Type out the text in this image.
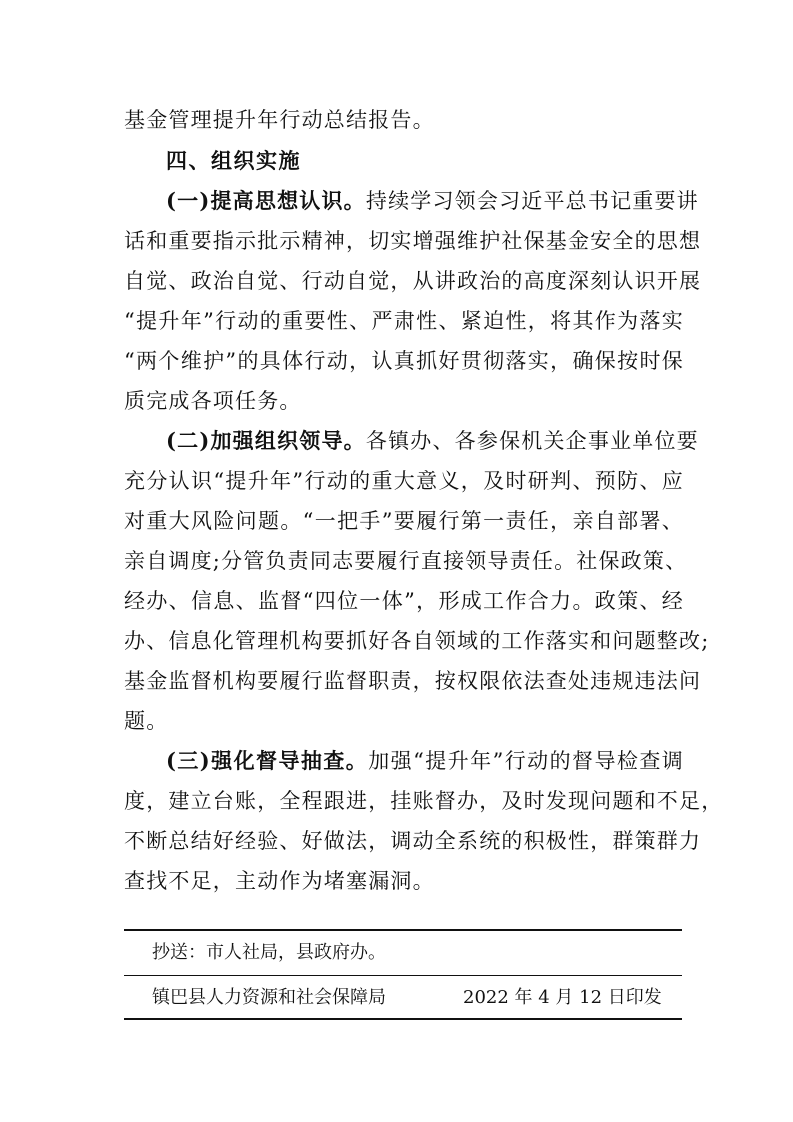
基金管理提升年行动总结报告。
四、组织实施
(一)提高思想认识。持续学习领会习近平总书记重要讲
话和重要指示批示精神，切实增强维护社保基金安全的思想
自觉、政治自觉、行动自觉，从讲政治的高度深刻认识开展
“提升年”行动的重要性、严肃性、紧迫性，将其作为落实
“两个维护”的具体行动，认真抓好贯彻落实，确保按时保
质完成各项任务。
(二)加强组织领导。各镇办、各参保机关企事业单位要
充分认识“提升年”行动的重大意义，及时研判、预防、应
对重大风险问题。“一把手”要履行第一责任，亲自部署、
亲自调度;分管负责同志要履行直接领导责任。社保政策、
经办、信息、监督“四位一体”，形成工作合力。政策、经
办、信息化管理机构要抓好各自领域的工作落实和问题整改;
基金监督机构要履行监督职责，按权限依法查处违规违法问
题。
(三)强化督导抽查。加强“提升年”行动的督导检查调
度，建立台账，全程跟进，挂账督办，及时发现问题和不足，
不断总结好经验、好做法，调动全系统的积极性，群策群力
查找不足，主动作为堵塞漏洞。
抄送：市人社局，县政府办。
镇巴县人力资源和社会保障局	2022 年 4 月 12 日印发
